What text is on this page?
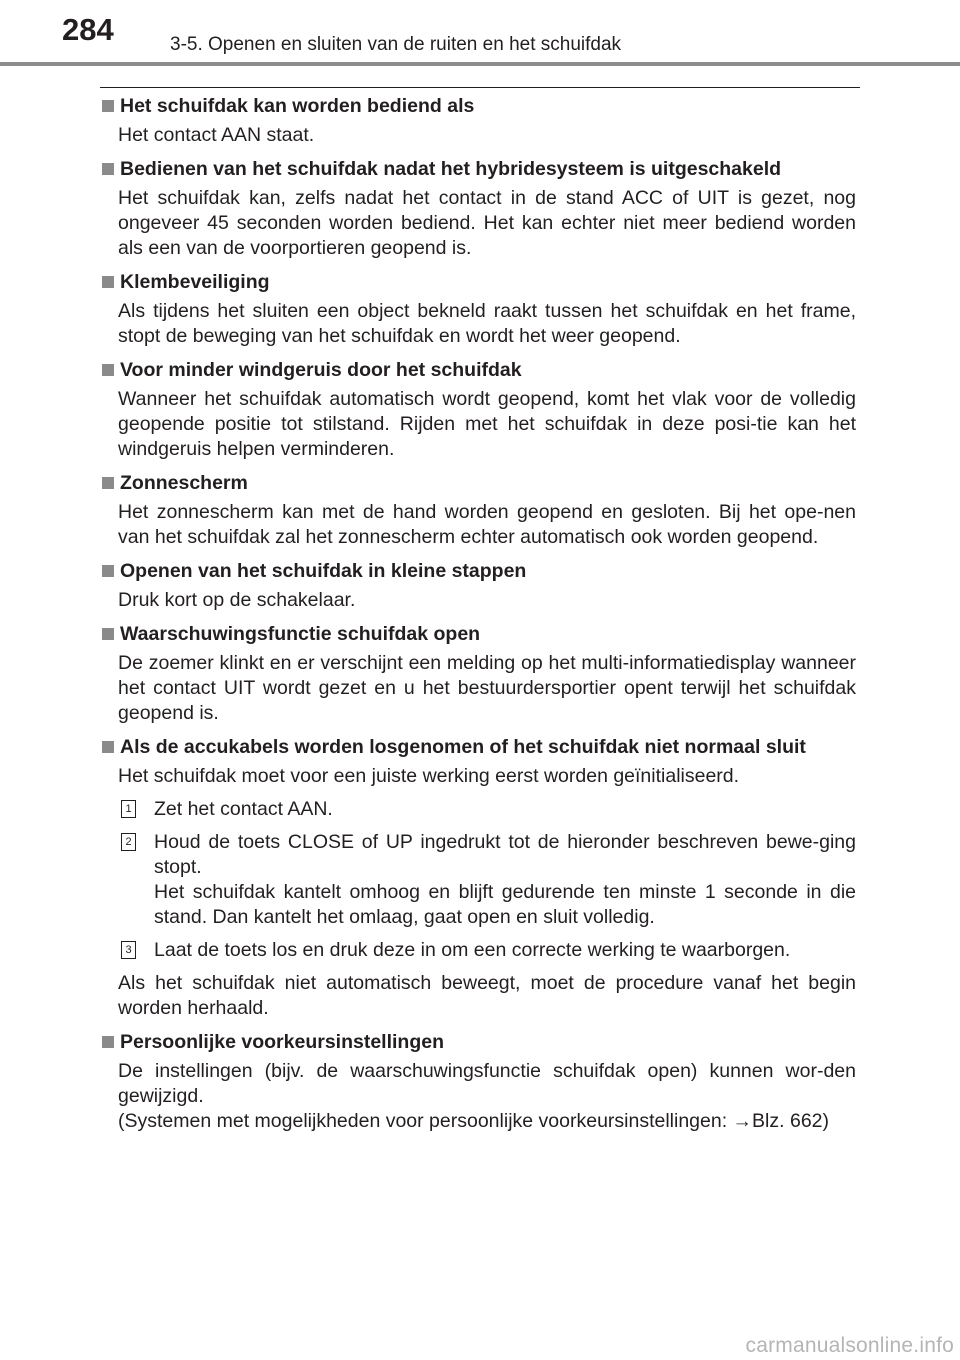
284	3-5. Openen en sluiten van de ruiten en het schuifdak
Het schuifdak kan worden bediend als
Het contact AAN staat.
Bedienen van het schuifdak nadat het hybridesysteem is uitgeschakeld
Het schuifdak kan, zelfs nadat het contact in de stand ACC of UIT is gezet, nog ongeveer 45 seconden worden bediend. Het kan echter niet meer bediend worden als een van de voorportieren geopend is.
Klembeveiliging
Als tijdens het sluiten een object bekneld raakt tussen het schuifdak en het frame, stopt de beweging van het schuifdak en wordt het weer geopend.
Voor minder windgeruis door het schuifdak
Wanneer het schuifdak automatisch wordt geopend, komt het vlak voor de volledig geopende positie tot stilstand. Rijden met het schuifdak in deze posi-tie kan het windgeruis helpen verminderen.
Zonnescherm
Het zonnescherm kan met de hand worden geopend en gesloten. Bij het ope-nen van het schuifdak zal het zonnescherm echter automatisch ook worden geopend.
Openen van het schuifdak in kleine stappen
Druk kort op de schakelaar.
Waarschuwingsfunctie schuifdak open
De zoemer klinkt en er verschijnt een melding op het multi-informatiedisplay wanneer het contact UIT wordt gezet en u het bestuurdersportier opent terwijl het schuifdak geopend is.
Als de accukabels worden losgenomen of het schuifdak niet normaal sluit
Het schuifdak moet voor een juiste werking eerst worden geïnitialiseerd.
1 Zet het contact AAN.
2 Houd de toets CLOSE of UP ingedrukt tot de hieronder beschreven bewe-ging stopt.
Het schuifdak kantelt omhoog en blijft gedurende ten minste 1 seconde in die stand. Dan kantelt het omlaag, gaat open en sluit volledig.
3 Laat de toets los en druk deze in om een correcte werking te waarborgen.
Als het schuifdak niet automatisch beweegt, moet de procedure vanaf het begin worden herhaald.
Persoonlijke voorkeursinstellingen
De instellingen (bijv. de waarschuwingsfunctie schuifdak open) kunnen wor-den gewijzigd.
(Systemen met mogelijkheden voor persoonlijke voorkeursinstellingen: →Blz. 662)
carmanualsonline.info
